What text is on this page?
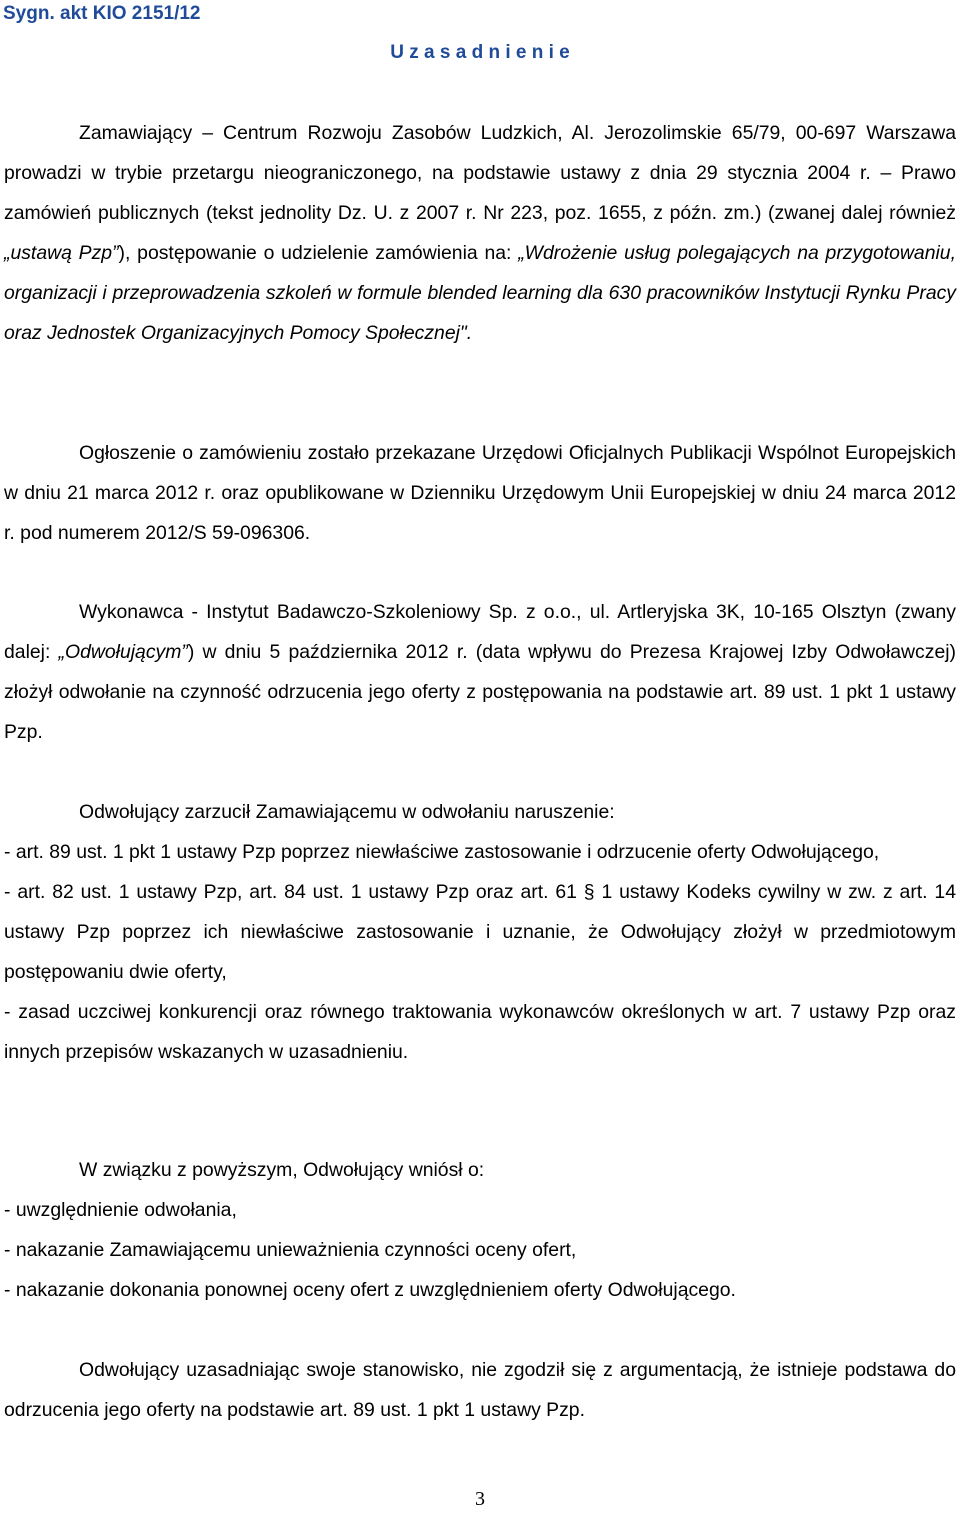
Sygn. akt KIO 2151/12
U z a s a d n i e n i e

Zamawiający – Centrum Rozwoju Zasobów Ludzkich, Al. Jerozolimskie 65/79, 00-697 Warszawa prowadzi w trybie przetargu nieograniczonego, na podstawie ustawy z dnia 29 stycznia 2004 r. – Prawo zamówień publicznych (tekst jednolity Dz. U. z 2007 r. Nr 223, poz. 1655, z późn. zm.) (zwanej dalej również „ustawą Pzp”), postępowanie o udzielenie zamówienia na: „Wdrożenie usług polegających na przygotowaniu, organizacji i przeprowadzenia szkoleń w formule blended learning dla 630 pracowników Instytucji Rynku Pracy oraz Jednostek Organizacyjnych Pomocy Społecznej".

Ogłoszenie o zamówieniu zostało przekazane Urzędowi Oficjalnych Publikacji Wspólnot Europejskich w dniu 21 marca 2012 r. oraz opublikowane w Dzienniku Urzędowym Unii Europejskiej w dniu 24 marca 2012 r. pod numerem 2012/S 59-096306.

Wykonawca - Instytut Badawczo-Szkoleniowy Sp. z o.o., ul. Artleryjska 3K, 10-165 Olsztyn (zwany dalej: „Odwołującym”) w dniu 5 października 2012 r. (data wpływu do Prezesa Krajowej Izby Odwoławczej) złożył odwołanie na czynność odrzucenia jego oferty z postępowania na podstawie art. 89 ust. 1 pkt 1 ustawy Pzp.

Odwołujący zarzucił Zamawiającemu w odwołaniu naruszenie:
- art. 89 ust. 1 pkt 1 ustawy Pzp poprzez niewłaściwe zastosowanie i odrzucenie oferty Odwołującego,
- art. 82 ust. 1 ustawy Pzp, art. 84 ust. 1 ustawy Pzp oraz art. 61 § 1 ustawy Kodeks cywilny w zw. z art. 14 ustawy Pzp poprzez ich niewłaściwe zastosowanie i uznanie, że Odwołujący złożył w przedmiotowym postępowaniu dwie oferty,
- zasad uczciwej konkurencji oraz równego traktowania wykonawców określonych w art. 7 ustawy Pzp oraz innych przepisów wskazanych w uzasadnieniu.
W związku z powyższym, Odwołujący wniósł o:
- uwzględnienie odwołania,
- nakazanie Zamawiającemu unieważnienia czynności oceny ofert,
- nakazanie dokonania ponownej oceny ofert z uwzględnieniem oferty Odwołującego.

Odwołujący uzasadniając swoje stanowisko, nie zgodził się z argumentacją, że istnieje podstawa do odrzucenia jego oferty na podstawie art. 89 ust. 1 pkt 1 ustawy Pzp.

3
